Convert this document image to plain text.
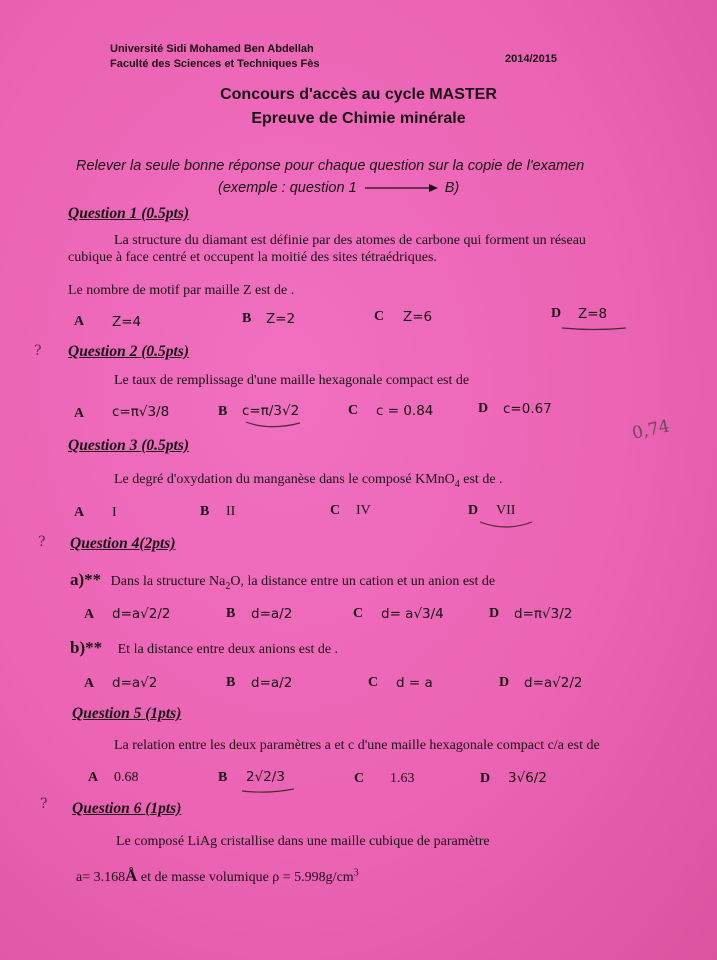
Université Sidi Mohamed Ben Abdellah
Faculté des Sciences et Techniques Fès	2014/2015
Concours d'accès au cycle MASTER
Epreuve de Chimie minérale
Relever la seule bonne réponse pour chaque question sur la copie de l'examen
(exemple : question 1	B)
Question 1 (0.5pts)
La structure du diamant est définie par des atomes de carbone qui forment un réseau
cubique à face centré et occupent la moitié des sites tétraédriques.
Le nombre de motif par maille Z est de .
A Z=4	B Z=2	C Z=6	D Z=8
? Question 2 (0.5pts)
Le taux de remplissage d'une maille hexagonale compact est de
A c=π√3/8	B c=π/3√2	C c = 0.84	D c=0.67
0,74
Question 3 (0.5pts)
Le degré d'oxydation du manganèse dans le composé KMnO$_4$ est de .
A I	B II	C IV	D VII
? Question 4(2pts)
a)** Dans la structure $Na_2O$, la distance entre un cation et un anion est de
A d=a√2/2	B d=a/2	C d= a√3/4	D d=π√3/2
b)** Et la distance entre deux anions est de .
A d=a√2	B d=a/2	C d = a	D d=a√2/2
Question 5 (1pts)
La relation entre les deux paramètres a et c d'une maille hexagonale compact c/a est de
A 0.68	B 2√2/3	C 1.63	D 3√6/2
? Question 6 (1pts)
Le composé LiAg cristallise dans une maille cubique de paramètre
a= 3.168Å et de masse volumique $\rho = 5.998g/cm^3$
